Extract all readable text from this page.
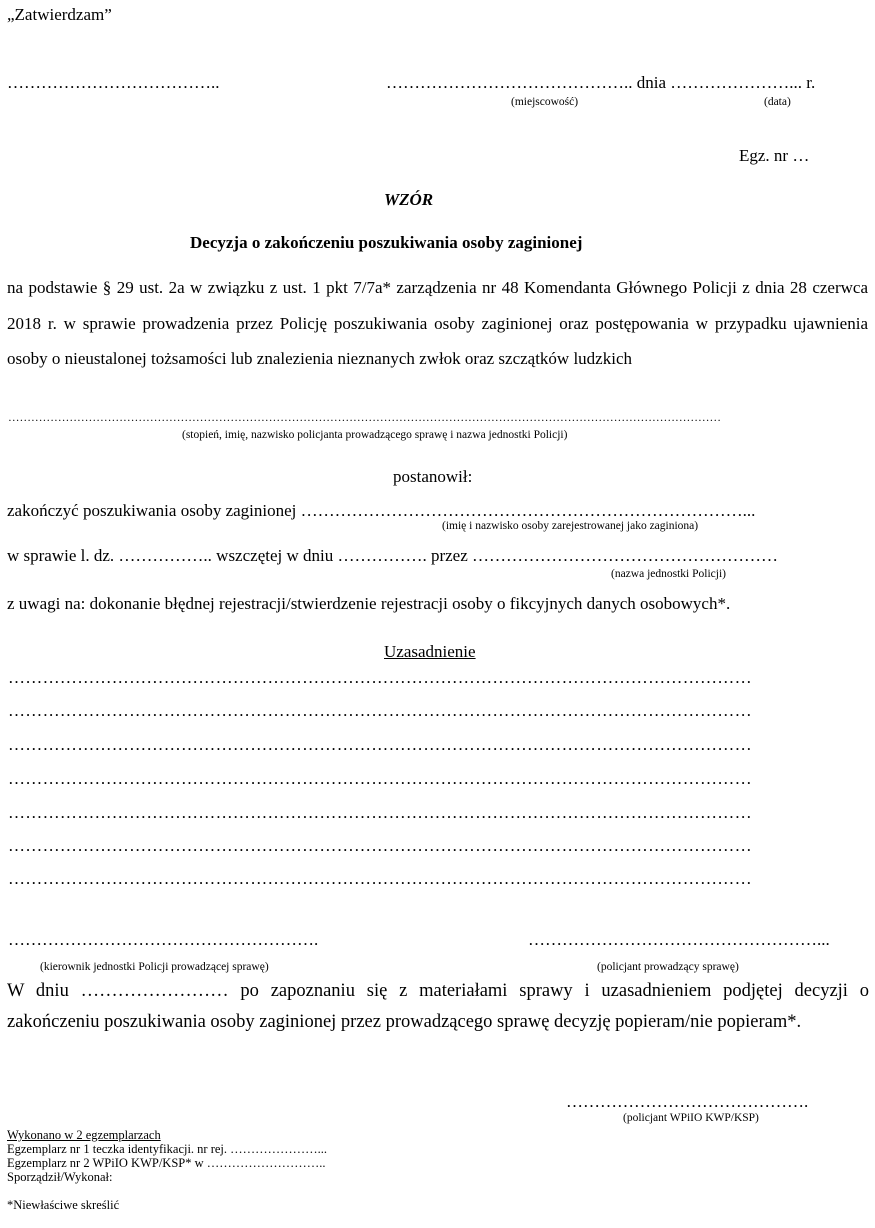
„Zatwierdzam”
………………………………..	…………………………………….. dnia …………………... r.
(miejscowość)	(data)
Egz. nr …
WZÓR
Decyzja o zakończeniu poszukiwania osoby zaginionej
na podstawie § 29 ust. 2a w związku z ust. 1 pkt 7/7a* zarządzenia nr 48 Komendanta Głównego Policji z dnia 28 czerwca 2018 r. w sprawie prowadzenia przez Policję poszukiwania osoby zaginionej oraz postępowania w przypadku ujawnienia osoby o nieustalonej tożsamości lub znalezienia nieznanych zwłok oraz szczątków ludzkich
……………………………………………………………………………………………………………………………………………………………………
(stopień, imię, nazwisko policjanta prowadzącego sprawę i nazwa jednostki Policji)
postanowił:
zakończyć poszukiwania osoby zaginionej ……………………………………………………………………...
(imię i nazwisko osoby zarejestrowanej jako zaginiona)
w sprawie l. dz. …………….. wszczętej w dniu ……………. przez ………………………………………………
(nazwa jednostki Policji)
z uwagi na: dokonanie błędnej rejestracji/stwierdzenie rejestracji osoby o fikcyjnych danych osobowych*.
Uzasadnienie
…………………………………………………………………………………………………………………
…………………………………………………………………………………………………………………
…………………………………………………………………………………………………………………
…………………………………………………………………………………………………………………
…………………………………………………………………………………………………………………
…………………………………………………………………………………………………………………
…………………………………………………………………………………………………………………
……………………………………………….
(kierownik jednostki Policji prowadzącej sprawę)
……………………………………………...
(policjant prowadzący sprawę)
W dniu …………………… po zapoznaniu się z materiałami sprawy i uzasadnieniem podjętej decyzji o zakończeniu poszukiwania osoby zaginionej przez prowadzącego sprawę decyzję popieram/nie popieram*.
…………………………………….
(policjant WPiIO KWP/KSP)
Wykonano w 2 egzemplarzach
Egzemplarz nr 1 teczka identyfikacji. nr rej. …………………...
Egzemplarz nr 2 WPiIO KWP/KSP* w ………………………..
Sporządził/Wykonał:
*Niewłaściwe skreślić
